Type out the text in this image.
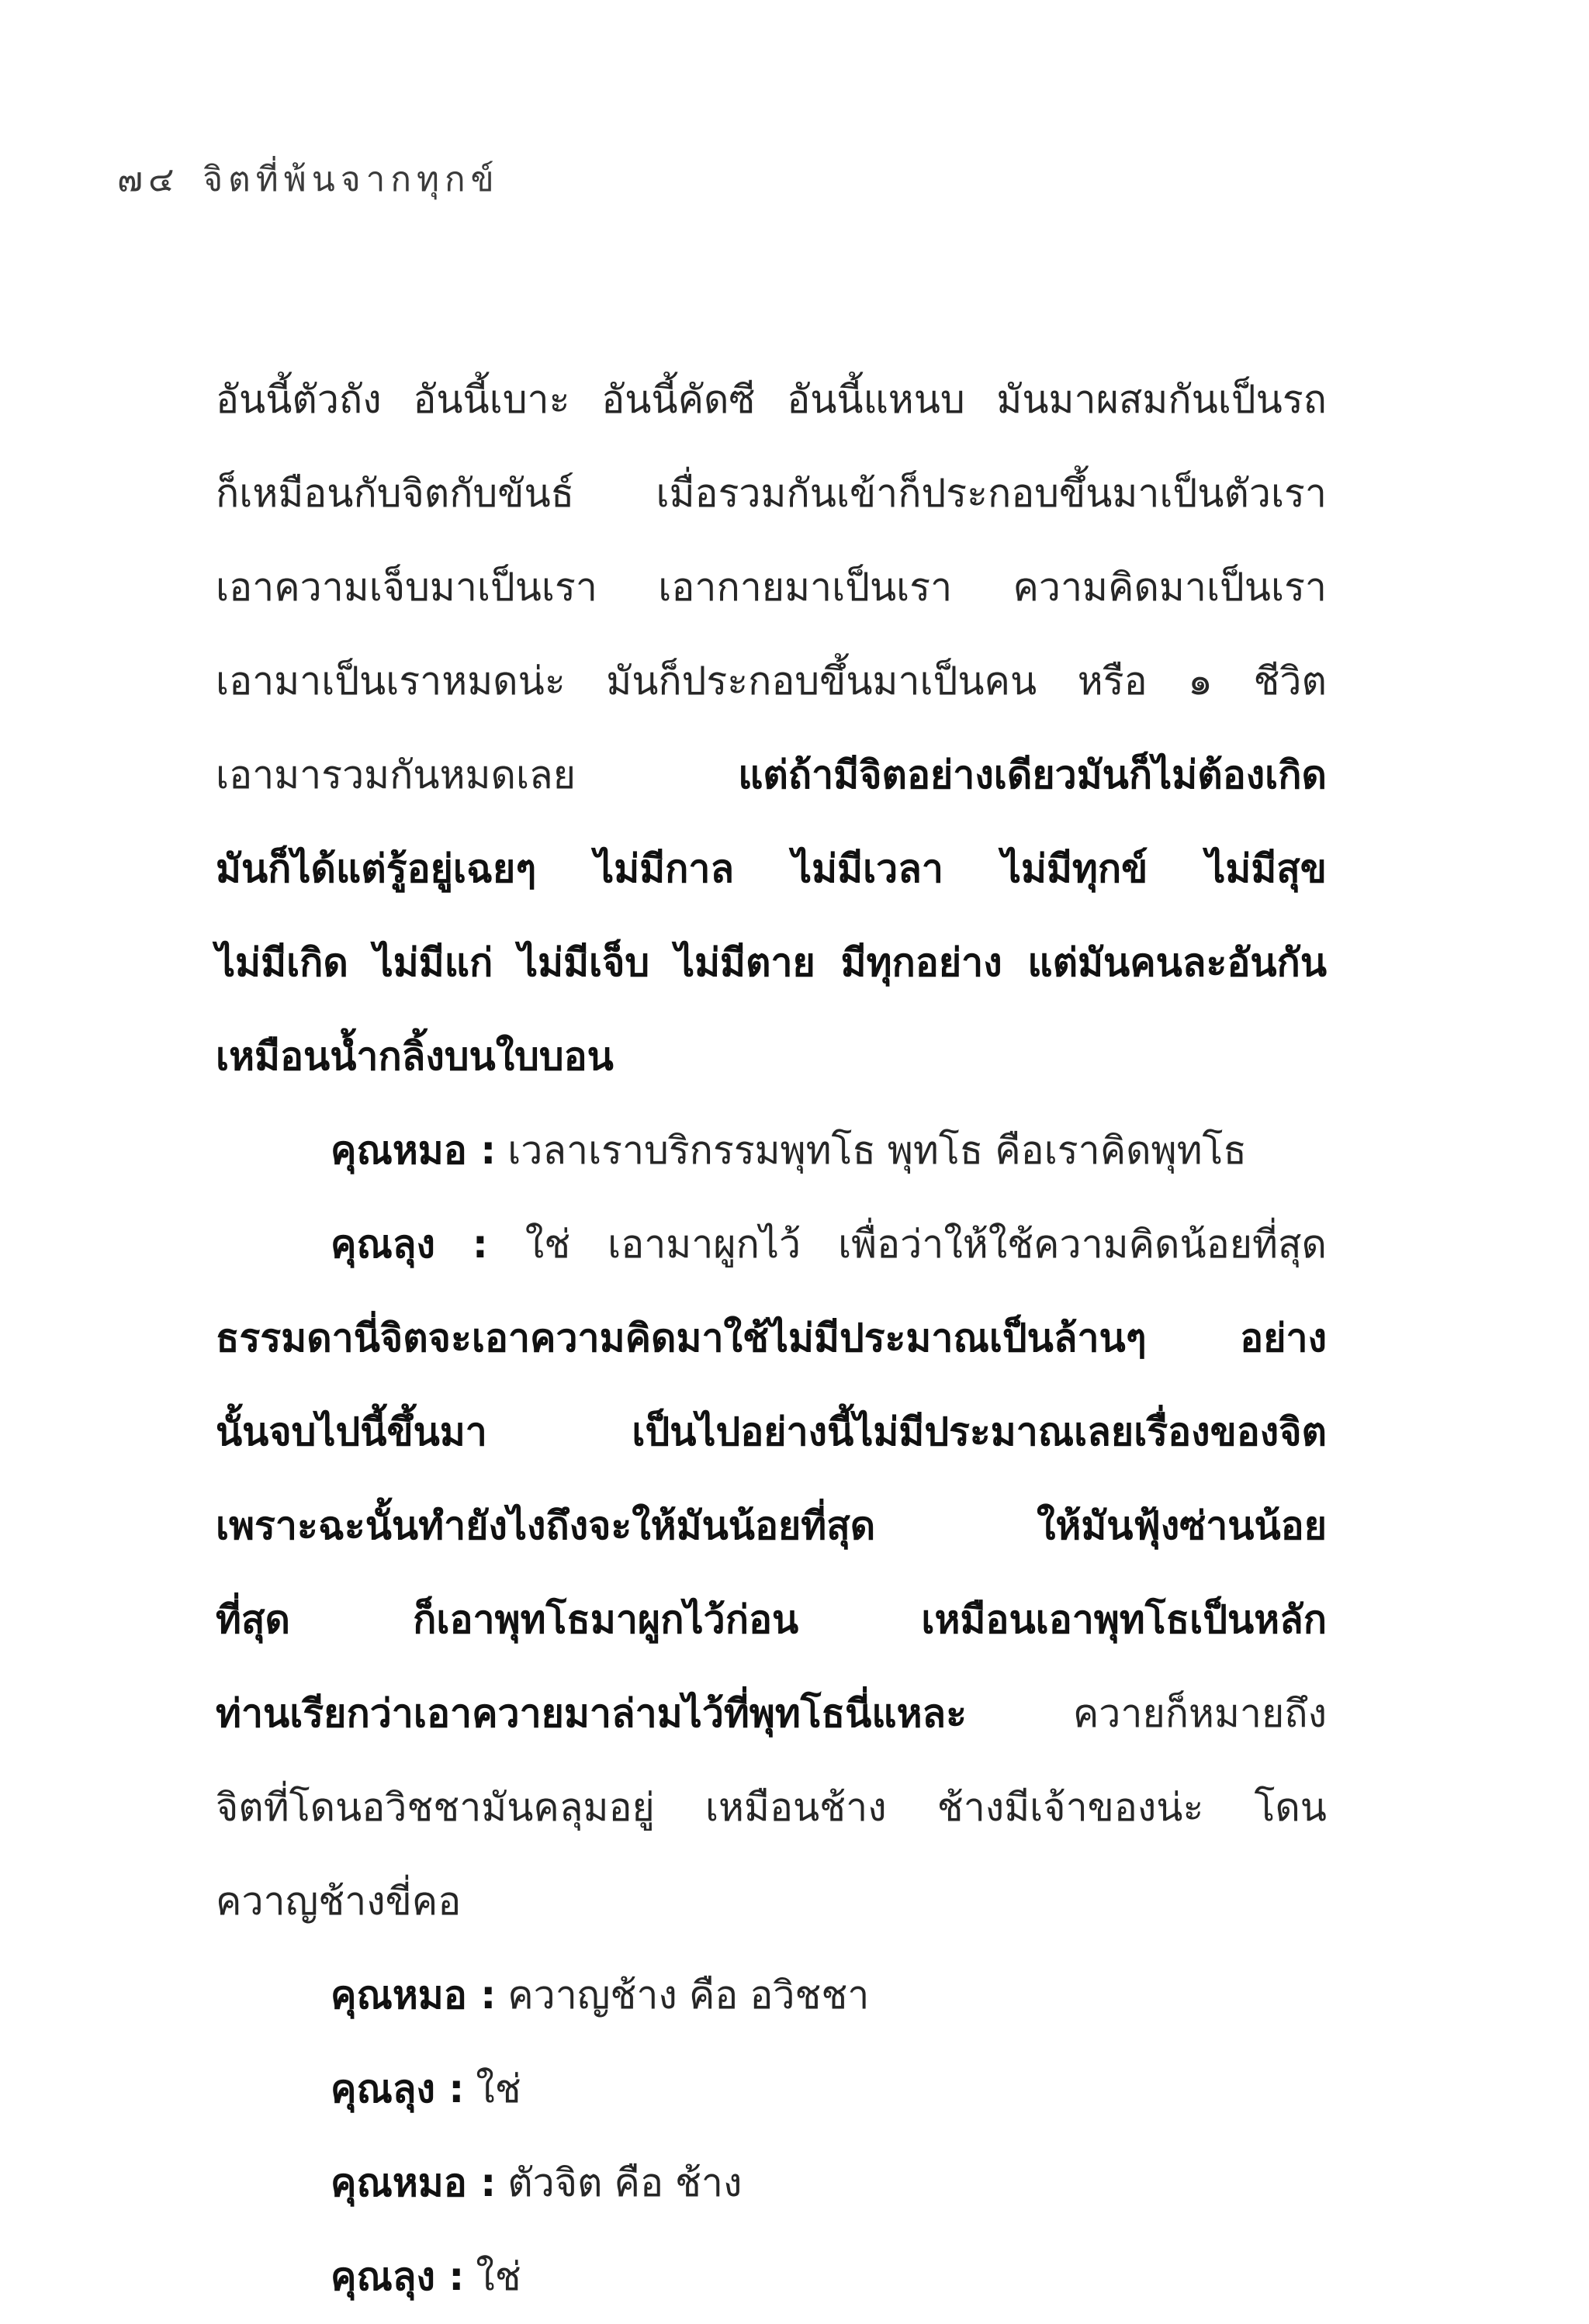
๗๔ จิตที่พ้นจากทุกข์
อันนี้ตัวถัง อันนี้เบาะ อันนี้คัดซี อันนี้แหนบ มันมาผสมกันเป็นรถ
ก็เหมือนกับจิตกับขันธ์ เมื่อรวมกันเข้าก็ประกอบขึ้นมาเป็นตัวเรา
เอาความเจ็บมาเป็นเรา เอากายมาเป็นเรา ความคิดมาเป็นเรา
เอามาเป็นเราหมดน่ะ มันก็ประกอบขึ้นมาเป็นคน หรือ ๑ ชีวิต
เอามารวมกันหมดเลย	แต่ถ้ามีจิตอย่างเดียวมันก็ไม่ต้องเกิด
มันก็ได้แต่รู้อยู่เฉยๆ ไม่มีกาล ไม่มีเวลา ไม่มีทุกข์ ไม่มีสุข
ไม่มีเกิด ไม่มีแก่ ไม่มีเจ็บ ไม่มีตาย มีทุกอย่าง แต่มันคนละอันกัน
เหมือนน้ำกลิ้งบนใบบอน
คุณหมอ : เวลาเราบริกรรมพุทโธ พุทโธ คือเราคิดพุทโธ
คุณลุง : ใช่ เอามาผูกไว้ เพื่อว่าให้ใช้ความคิดน้อยที่สุด
ธรรมดานี่จิตจะเอาความคิดมาใช้ไม่มีประมาณเป็นล้านๆ อย่าง
นั้นจบไปนี้ขึ้นมา	เป็นไปอย่างนี้ไม่มีประมาณเลยเรื่องของจิต
เพราะฉะนั้นทำยังไงถึงจะให้มันน้อยที่สุด	ให้มันฟุ้งซ่านน้อย
ที่สุด	ก็เอาพุทโธมาผูกไว้ก่อน	เหมือนเอาพุทโธเป็นหลัก
ท่านเรียกว่าเอาควายมาล่ามไว้ที่พุทโธนี่แหละ	ควายก็หมายถึง
จิตที่โดนอวิชชามันคลุมอยู่ เหมือนช้าง ช้างมีเจ้าของน่ะ โดน
ควาญช้างขี่คอ
คุณหมอ : ควาญช้าง คือ อวิชชา
คุณลุง : ใช่
คุณหมอ : ตัวจิต คือ ช้าง
คุณลุง : ใช่
